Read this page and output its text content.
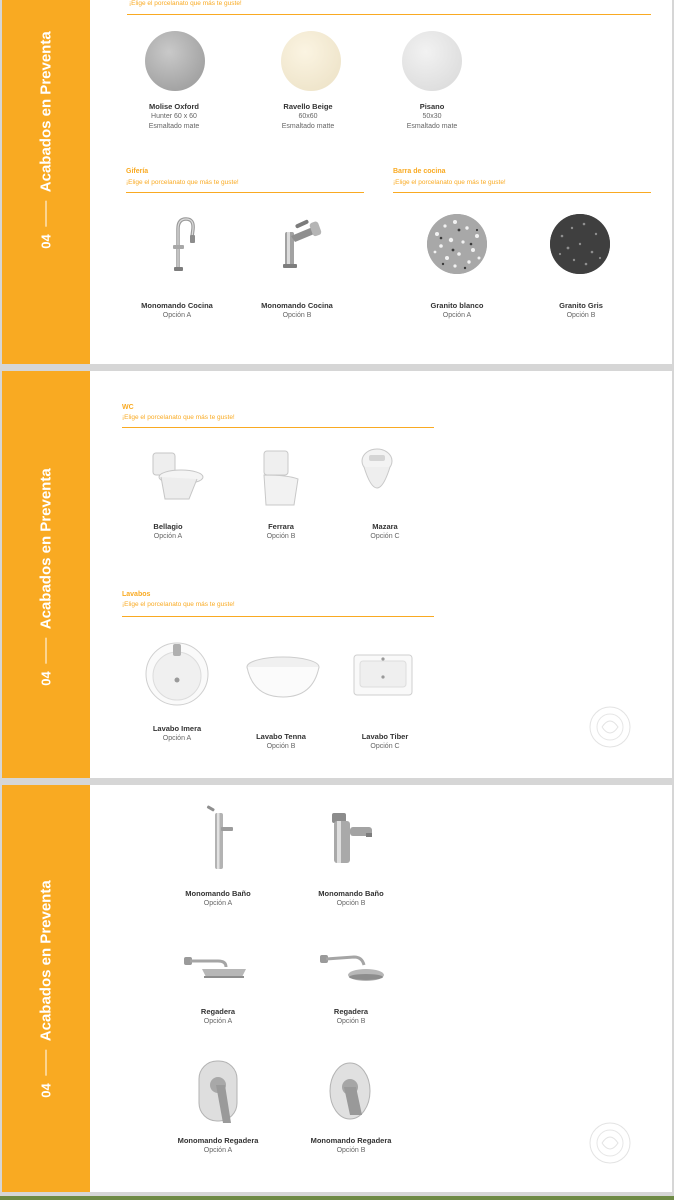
04
Acabados en Preventa
¡Elige el porcelanato que más te guste!
Molise Oxford
Hunter 60 x 60
Esmaltado mate
Ravello Beige
60x60
Esmaltado matte
Pisano
50x30
Esmaltado mate
Gifería
¡Elige el porcelanato que más te guste!
Barra de cocina
¡Elige el porcelanato que más te guste!
Monomando Cocina
Opción A
Monomando Cocina
Opción B
Granito blanco
Opción A
Granito Gris
Opción B
04
Acabados en Preventa
WC
¡Elige el porcelanato que más te guste!
Bellagio
Opción A
Ferrara
Opción B
Mazara
Opción C
Lavabos
¡Elige el porcelanato que más te guste!
Lavabo Imera
Opción A	Lavabo Tenna
Opción B
Lavabo Tiber
Opción C
04
Acabados en Preventa	Monomando Baño
Opción A
Monomando Baño
Opción B
Regadera
Opción A
Regadera
Opción B
Monomando Regadera
Opción A
Monomando Regadera
Opción B
